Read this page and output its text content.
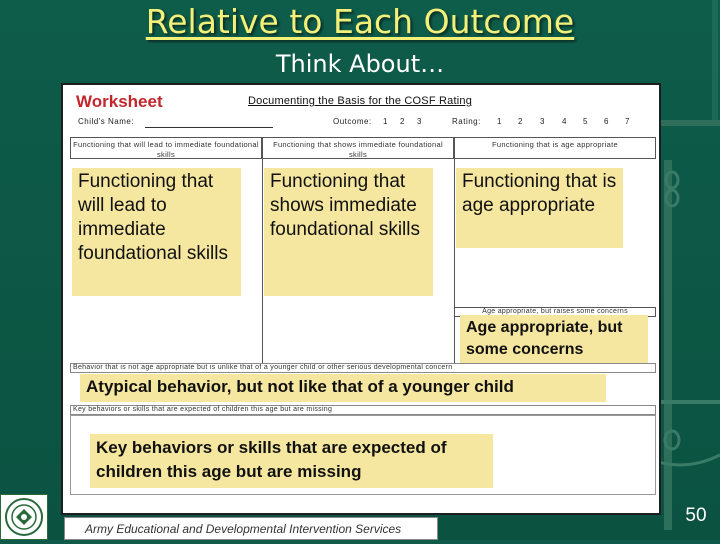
Relative to Each Outcome
Think About…
Worksheet	Documenting the Basis for the COSF Rating
Child's Name:	Outcome: 1 2 3	Rating: 1 2 3 4 5 6 7
Functioning that will lead to immediate foundational skills
Functioning that shows immediate foundational skills
Functioning that is age appropriate
Age appropriate, but raises some concerns
Behavior that is not age appropriate but is unlike that of a younger child or other serious developmental concern
Key behaviors or skills that are expected of children this age but are missing
Functioning that will lead to immediate foundational skills
Functioning that shows immediate foundational skills
Functioning that is age appropriate
Age appropriate, but some concerns
Atypical behavior, but not like that of a younger child
Key behaviors or skills that are expected of children this age but are missing
Army Educational and Developmental Intervention Services
50
